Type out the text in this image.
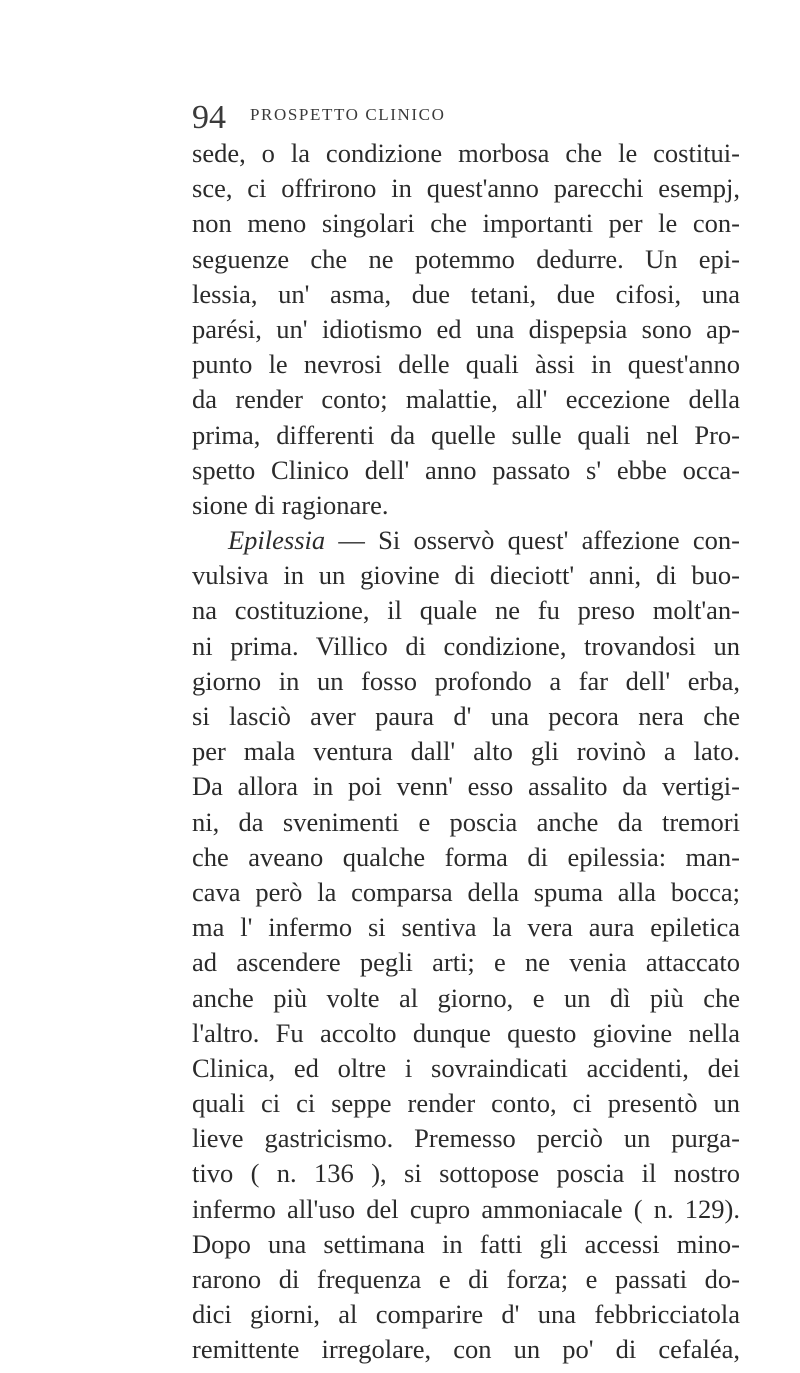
94 PROSPETTO CLINICO
sede, o la condizione morbosa che le costitui-
sce, ci offrirono in quest'anno parecchi esempj,
non meno singolari che importanti per le con-
seguenze che ne potemmo dedurre. Un epi-
lessia, un' asma, due tetani, due cifosi, una
parési, un' idiotismo ed una dispepsia sono ap-
punto le nevrosi delle quali àssi in quest'anno
da render conto; malattie, all' eccezione della
prima, differenti da quelle sulle quali nel Pro-
spetto Clinico dell' anno passato s' ebbe occa-
sione di ragionare.
Epilessia — Si osservò quest' affezione con-
vulsiva in un giovine di dieciott' anni, di buo-
na costituzione, il quale ne fu preso molt'an-
ni prima. Villico di condizione, trovandosi un
giorno in un fosso profondo a far dell' erba,
si lasciò aver paura d' una pecora nera che
per mala ventura dall' alto gli rovinò a lato.
Da allora in poi venn' esso assalito da vertigi-
ni, da svenimenti e poscia anche da tremori
che aveano qualche forma di epilessia: man-
cava però la comparsa della spuma alla bocca;
ma l' infermo si sentiva la vera aura epiletica
ad ascendere pegli arti; e ne venia attaccato
anche più volte al giorno, e un dì più che
l'altro. Fu accolto dunque questo giovine nella
Clinica, ed oltre i sovraindicati accidenti, dei
quali ci ci seppe render conto, ci presentò un
lieve gastricismo. Premesso perciò un purga-
tivo ( n. 136 ), si sottopose poscia il nostro
infermo all'uso del cupro ammoniacale ( n. 129).
Dopo una settimana in fatti gli accessi mino-
rarono di frequenza e di forza; e passati do-
dici giorni, al comparire d' una febbricciatola
remittente irregolare, con un po' di cefaléa,
